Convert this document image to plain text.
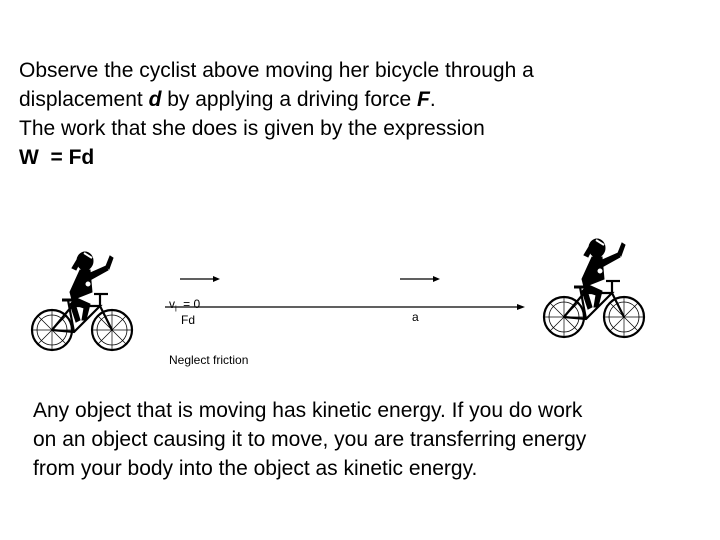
Observe the cyclist above moving her bicycle through a
displacement d by applying a driving force F.
The work that she does is given by the expression
W  = Fd
$v_i = 0$
Fd	a
Neglect friction
Any object that is moving has kinetic energy. If you do work
on an object causing it to move, you are transferring energy
from your body into the object as kinetic energy.
